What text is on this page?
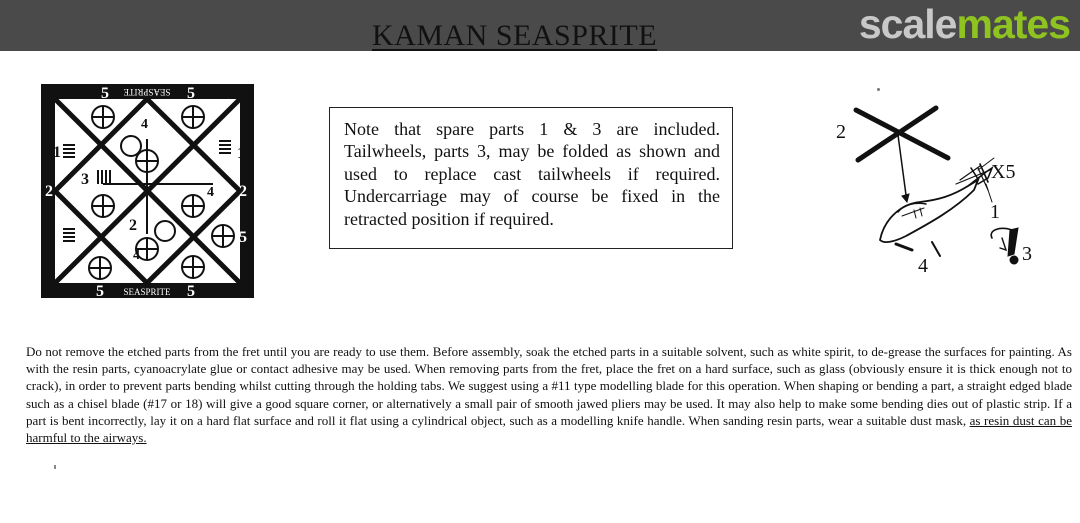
scalemates
KAMAN SEASPRITE
SEASPRITE
SEASPRITE
1	1
2	2
2
3
4
4
4
5	5
5
5	5

Note that spare parts 1 & 3 are included. Tailwheels, parts 3, may be folded as shown and used to replace cast tailwheels if required. Undercarriage may of course be fixed in the retracted position if required.

2
X5
1
4
3

Do not remove the etched parts from the fret until you are ready to use them. Before assembly, soak the etched parts in a suitable solvent, such as white spirit, to de-grease the surfaces for painting. As with the resin parts, cyanoacrylate glue or contact adhesive may be used. When removing parts from the fret, place the fret on a hard surface, such as glass (obviously ensure it is thick enough not to crack), in order to prevent parts bending whilst cutting through the holding tabs. We suggest using a #11 type modelling blade for this operation. When shaping or bending a part, a straight edged blade such as a chisel blade (#17 or 18) will give a good square corner, or alternatively a small pair of smooth jawed pliers may be used. It may also help to make some bending dies out of plastic strip. If a part is bent incorrectly, lay it on a hard flat surface and roll it flat using a cylindrical object, such as a modelling knife handle. When sanding resin parts, wear a suitable dust mask, as resin dust can be harmful to the airways.
